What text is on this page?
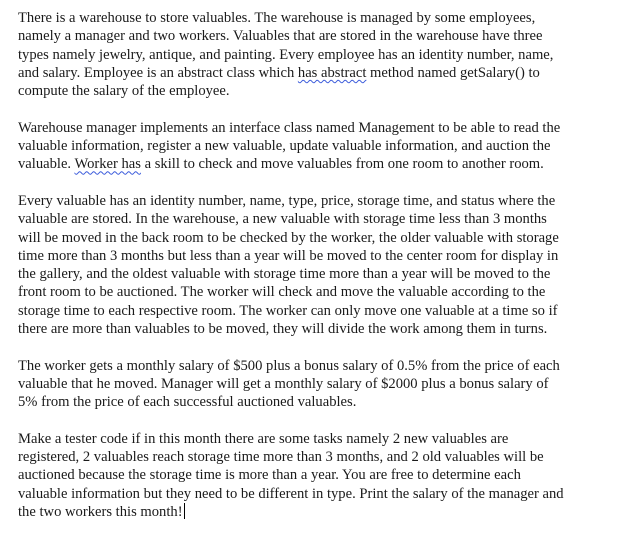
There is a warehouse to store valuables. The warehouse is managed by some employees,
namely a manager and two workers. Valuables that are stored in the warehouse have three
types namely jewelry, antique, and painting. Every employee has an identity number, name,
and salary. Employee is an abstract class which has abstract method named getSalary() to
compute the salary of the employee.
Warehouse manager implements an interface class named Management to be able to read the
valuable information, register a new valuable, update valuable information, and auction the
valuable. Worker has a skill to check and move valuables from one room to another room.
Every valuable has an identity number, name, type, price, storage time, and status where the
valuable are stored. In the warehouse, a new valuable with storage time less than 3 months
will be moved in the back room to be checked by the worker, the older valuable with storage
time more than 3 months but less than a year will be moved to the center room for display in
the gallery, and the oldest valuable with storage time more than a year will be moved to the
front room to be auctioned. The worker will check and move the valuable according to the
storage time to each respective room. The worker can only move one valuable at a time so if
there are more than valuables to be moved, they will divide the work among them in turns.
The worker gets a monthly salary of $500 plus a bonus salary of 0.5% from the price of each
valuable that he moved. Manager will get a monthly salary of $2000 plus a bonus salary of
5% from the price of each successful auctioned valuables.
Make a tester code if in this month there are some tasks namely 2 new valuables are
registered, 2 valuables reach storage time more than 3 months, and 2 old valuables will be
auctioned because the storage time is more than a year. You are free to determine each
valuable information but they need to be different in type. Print the salary of the manager and
the two workers this month!
